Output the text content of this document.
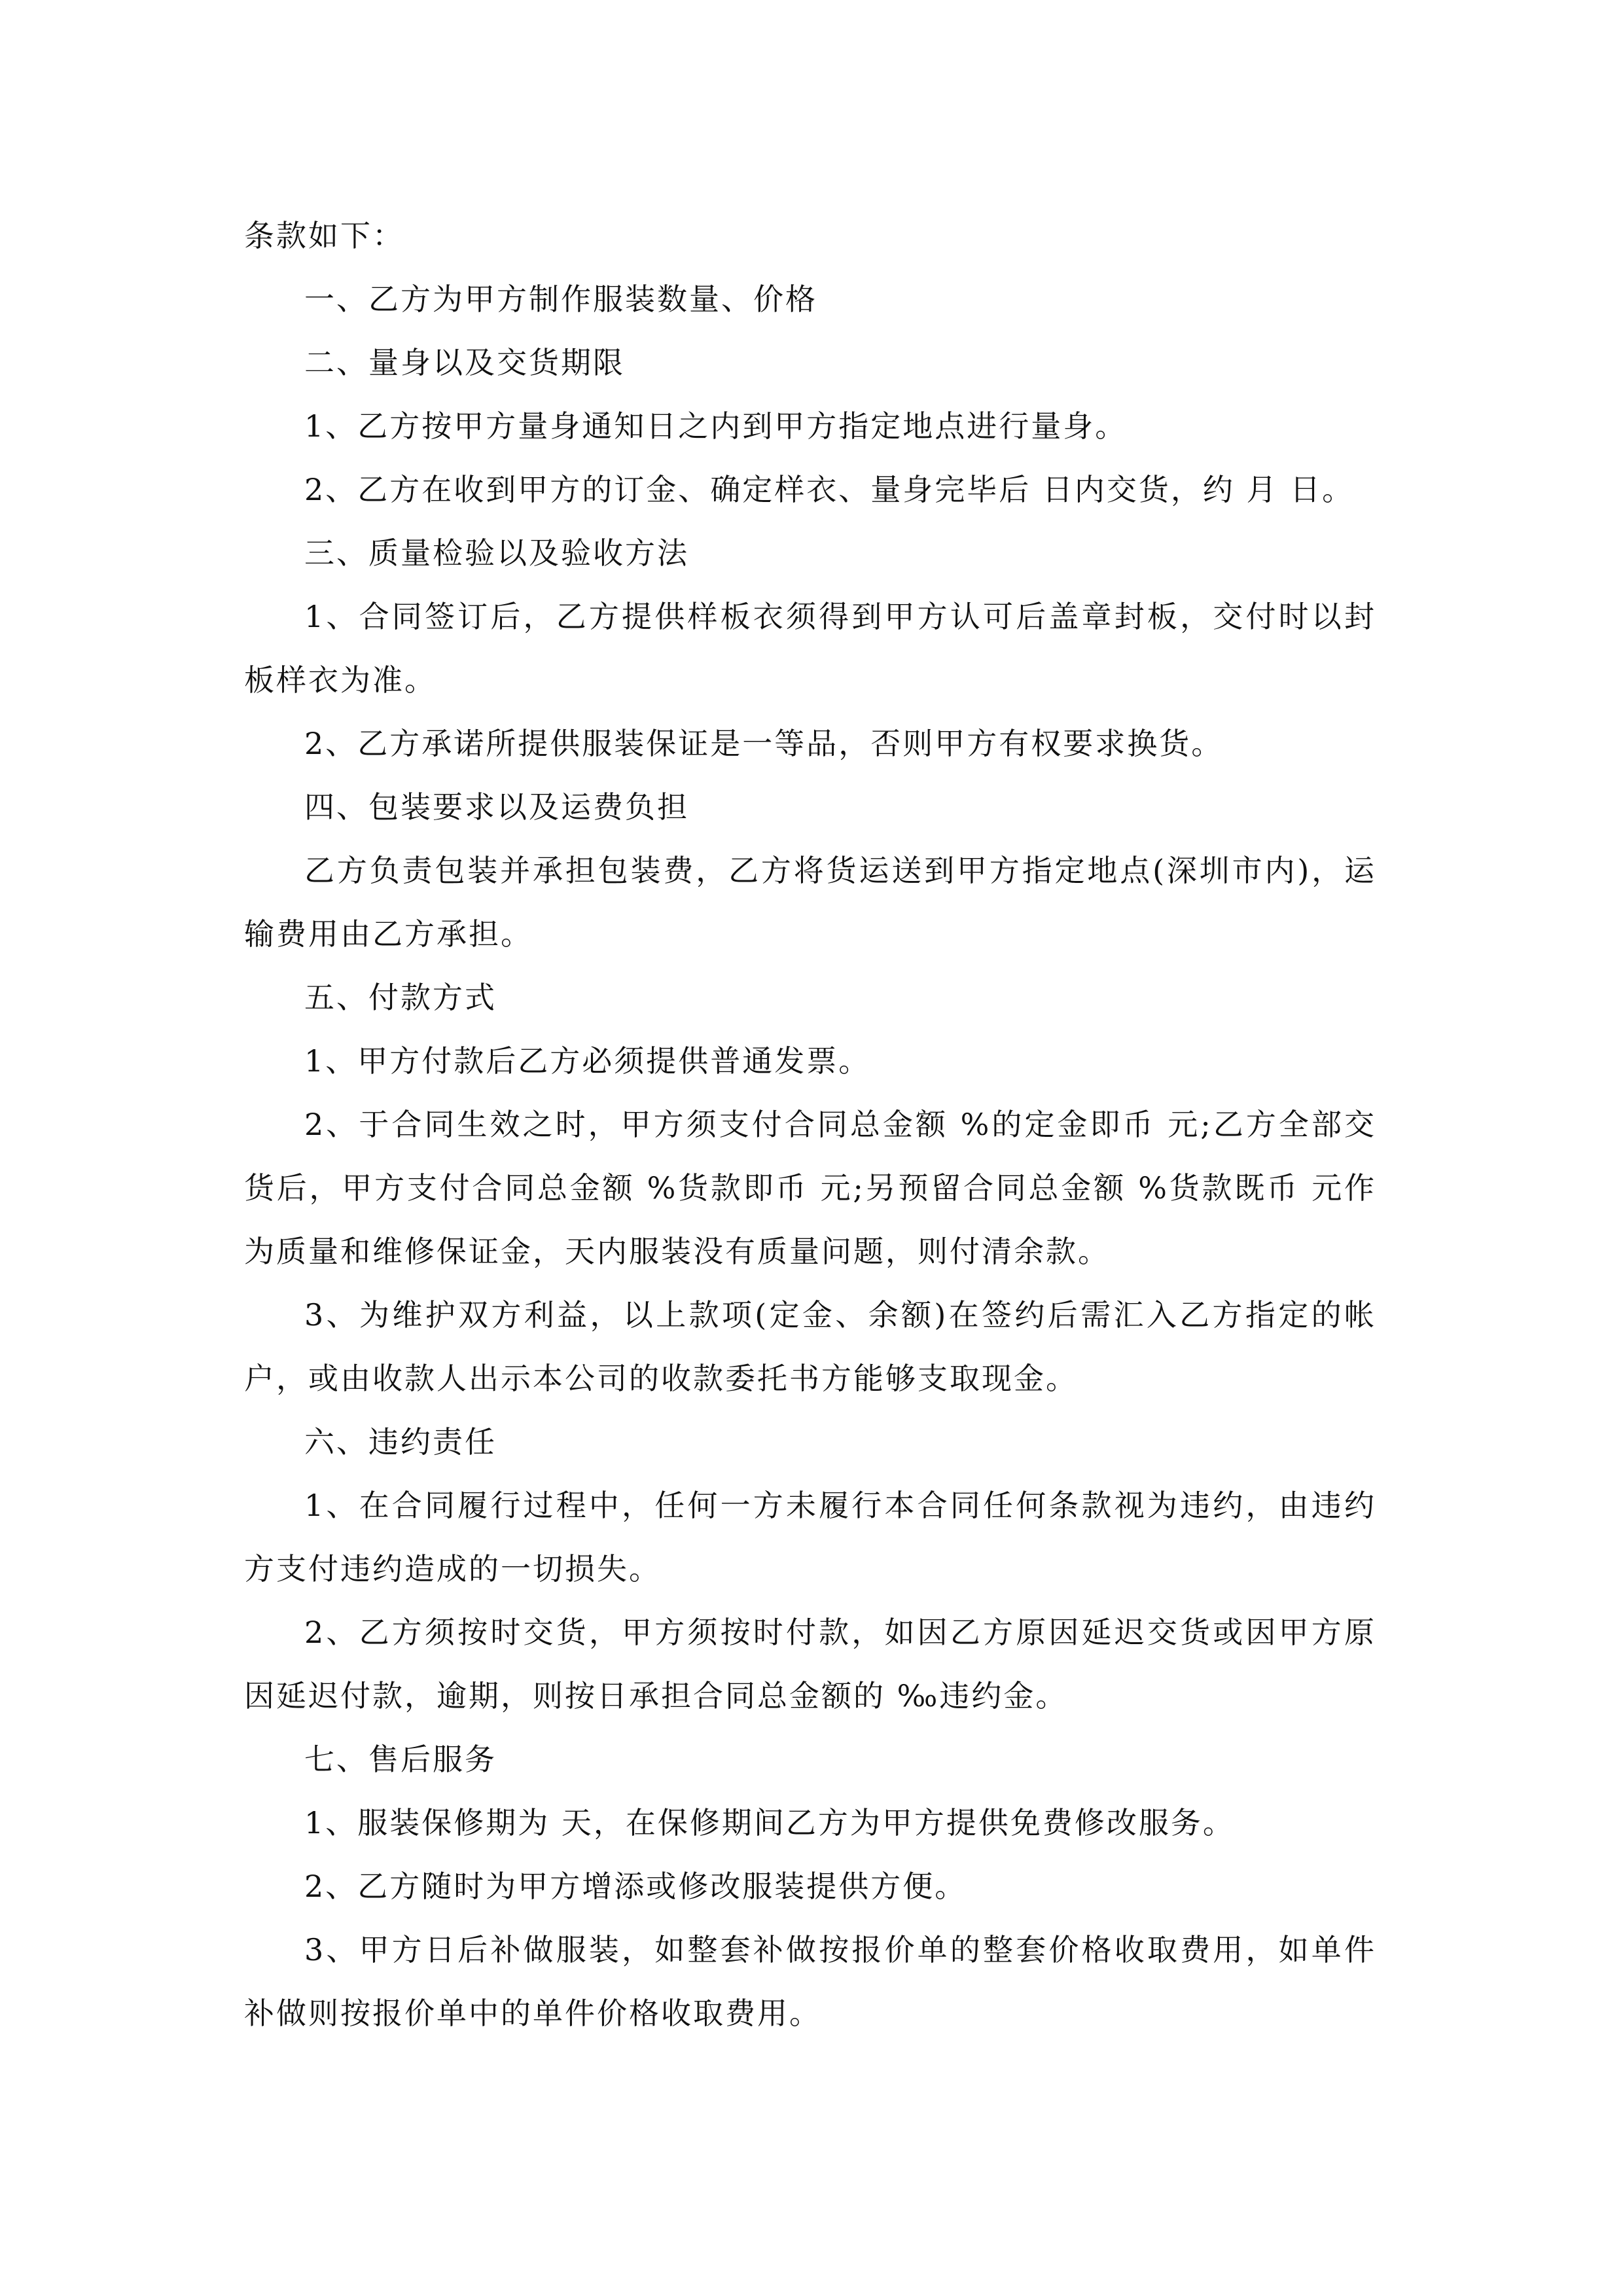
条款如下：

一、乙方为甲方制作服装数量、价格

二、量身以及交货期限

1、乙方按甲方量身通知日之内到甲方指定地点进行量身。

2、乙方在收到甲方的订金、确定样衣、量身完毕后 日内交货，约 月 日。

三、质量检验以及验收方法

1、合同签订后，乙方提供样板衣须得到甲方认可后盖章封板，交付时以封板样衣为准。

2、乙方承诺所提供服装保证是一等品，否则甲方有权要求换货。

四、包装要求以及运费负担

乙方负责包装并承担包装费，乙方将货运送到甲方指定地点(深圳市内)，运输费用由乙方承担。

五、付款方式

1、甲方付款后乙方必须提供普通发票。

2、于合同生效之时，甲方须支付合同总金额 %的定金即币 元;乙方全部交货后，甲方支付合同总金额 %货款即币 元;另预留合同总金额 %货款既币 元作为质量和维修保证金，天内服装没有质量问题，则付清余款。

3、为维护双方利益，以上款项(定金、余额)在签约后需汇入乙方指定的帐户，或由收款人出示本公司的收款委托书方能够支取现金。

六、违约责任

1、在合同履行过程中，任何一方未履行本合同任何条款视为违约，由违约方支付违约造成的一切损失。

2、乙方须按时交货，甲方须按时付款，如因乙方原因延迟交货或因甲方原因延迟付款，逾期，则按日承担合同总金额的 ‰违约金。

七、售后服务

1、服装保修期为 天，在保修期间乙方为甲方提供免费修改服务。

2、乙方随时为甲方增添或修改服装提供方便。

3、甲方日后补做服装，如整套补做按报价单的整套价格收取费用，如单件补做则按报价单中的单件价格收取费用。
